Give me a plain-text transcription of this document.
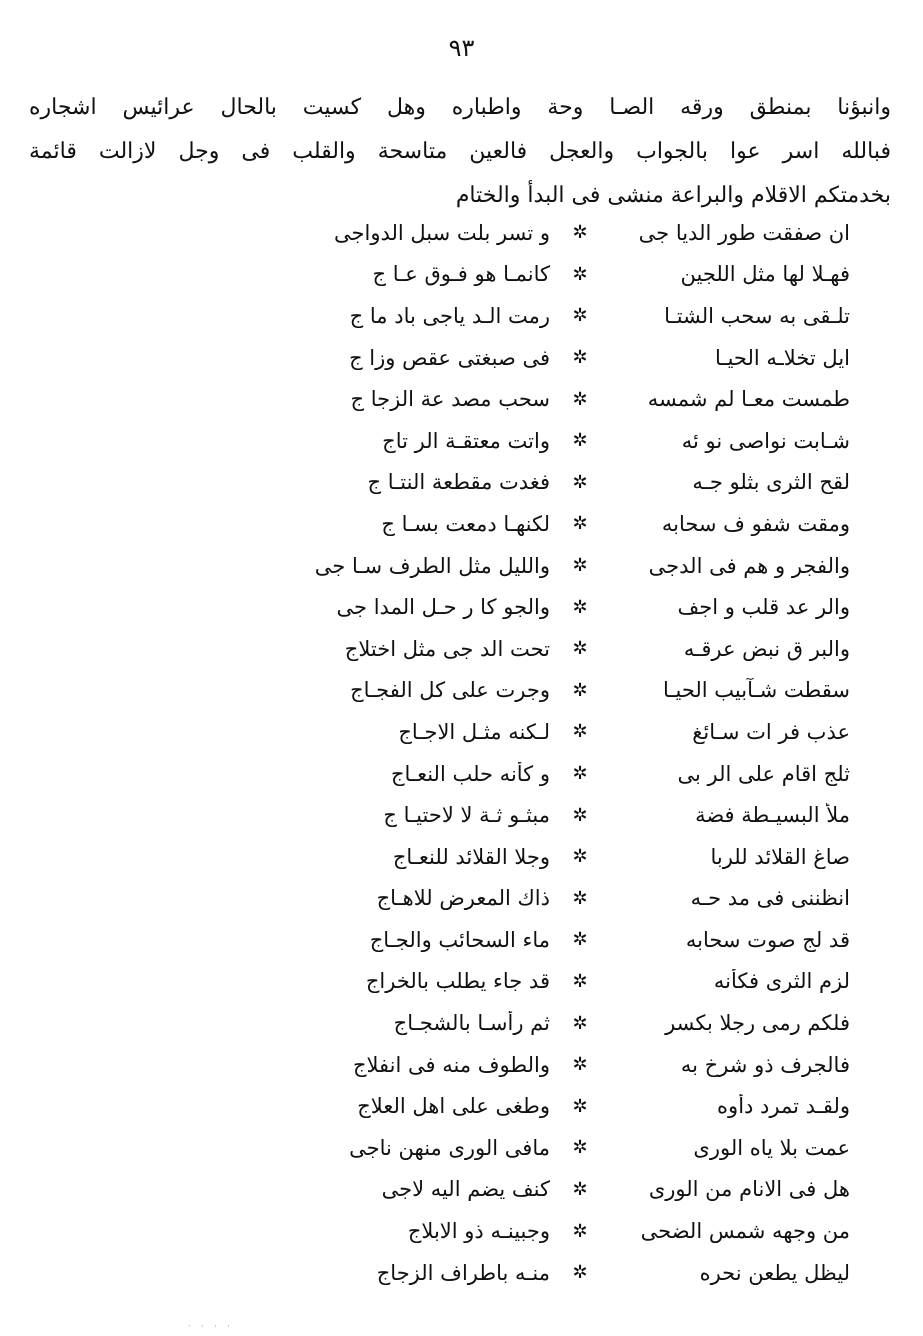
٩٣
وانبؤنا بمنطق ورقه الصـا وحة واطباره وهل كسيت بالحال عرائيس اشجاره
فبالله اسر عوا بالجواب والعجل فالعين متاسحة والقلب فى وجل لازالت قائمة
بخدمتكم الاقلام والبراعة منشى فى البدأ والختام
ان صفقت طور الديا جى
✲
و تسر بلت سبل الدواجى
فهـلا لها مثل اللجين
✲
كانمـا هو فـوق عـا ج
تلـقى به سحب الشتـا
✲
رمت الـد ياجى باد ما ج
ايل تخلاـه الحيـا
✲
فى صبغتى عقص وزا ج
طمست معـا لم شمسه
✲
سحب مصد عة الزجا ج
شـابت نواصى نو ئه
✲
واتت معتقـة الر تاج
لقح الثرى بثلو جـه
✲
فغدت مقطعة النتـا ج
ومقت شفو ف سحابه
✲
لكنهـا دمعت بسـا ج
والفجر و هم فى الدجى
✲
والليل مثل الطرف سـا جى
والر عد قلب و اجف
✲
والجو كا ر حـل المدا جى
والبر ق نبض عرقـه
✲
تحت الد جى مثل اختلاج
سقطت شـآبيب الحيـا
✲
وجرت على كل الفجـاج
عذب فر ات سـائغ
✲
لـكنه مثـل الاجـاج
ثلج اقام على الر بى
✲
و كأنه حلب النعـاج
ملأ البسيـطة فضة
✲
مبثـو ثـة لا لاحتيـا ج
صاغ القلائد للربا
✲
وجلا القلائد للنعـاج
انظننى فى مد حـه
✲
ذاك المعرض للاهـاج
قد لج صوت سحابه
✲
ماء السحائب والجـاج
لزم الثرى فكأنه
✲
قد جاء يطلب بالخراج
فلكم رمى رجلا بكسر
✲
ثم رأسـا بالشجـاج
فالجرف ذو شرخ به
✲
والطوف منه فى انفلاج
ولقـد تمرد دأوه
✲
وطغى على اهل العلاج
عمت بلا ياه الورى
✲
مافى الورى منهن ناجى
هل فى الانام من الورى
✲
كنف يضم اليه لاجى
من وجهه شمس الضحى
✲
وجبينـه ذو الابلاج
ليظل يطعن نحره
✲
منـه باطراف الزجاج
· · · ·
